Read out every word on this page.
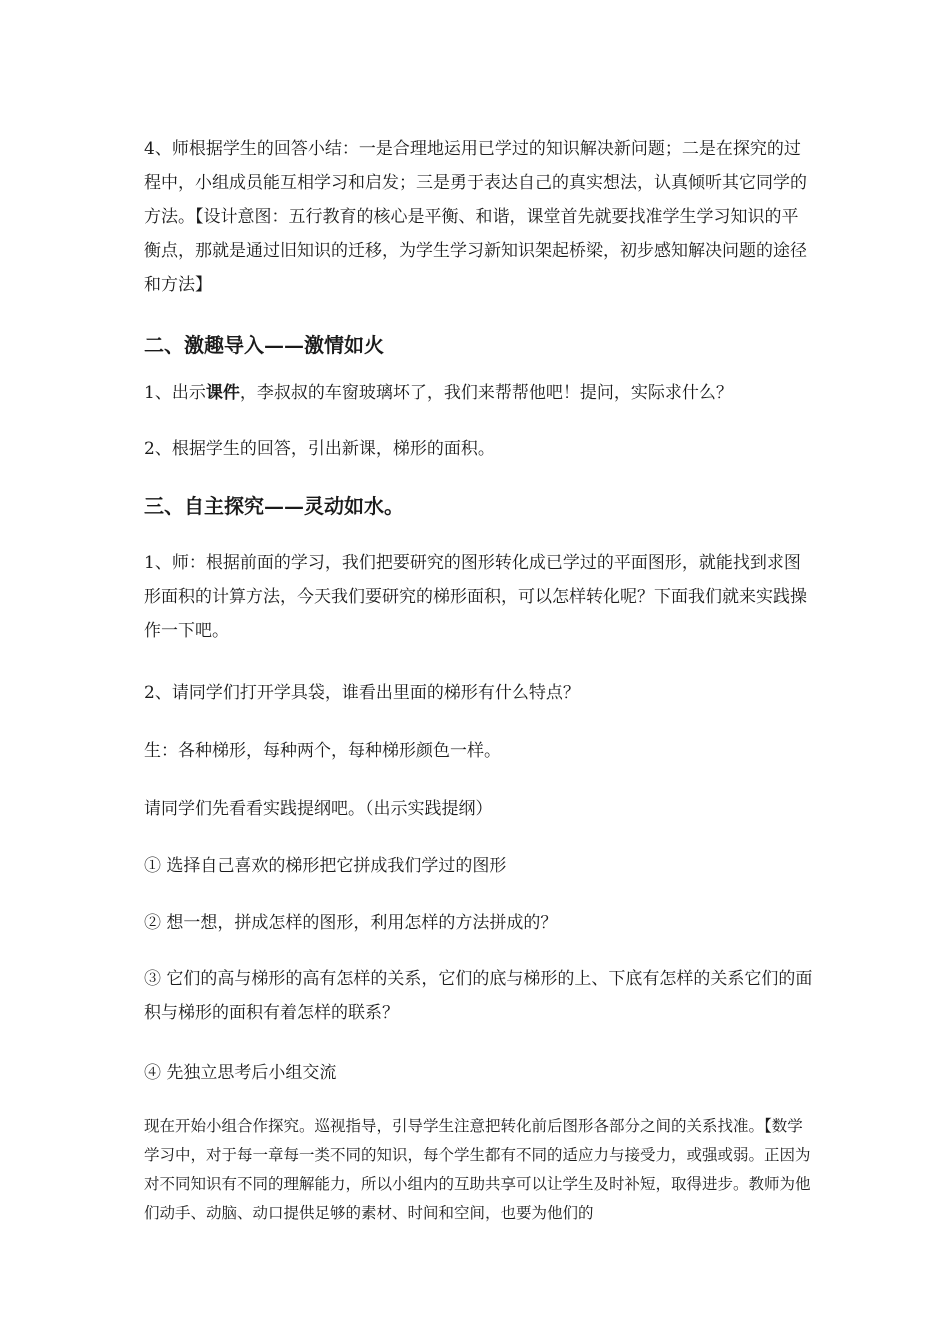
4、师根据学生的回答小结：一是合理地运用已学过的知识解决新问题；二是在探究的过程中，小组成员能互相学习和启发；三是勇于表达自己的真实想法，认真倾听其它同学的方法。【设计意图：五行教育的核心是平衡、和谐，课堂首先就要找准学生学习知识的平衡点，那就是通过旧知识的迁移，为学生学习新知识架起桥梁，初步感知解决问题的途径和方法】

二、激趣导入——激情如火

1、出示课件，李叔叔的车窗玻璃坏了，我们来帮帮他吧！提问，实际求什么？

2、根据学生的回答，引出新课，梯形的面积。

三、自主探究——灵动如水。

1、师：根据前面的学习，我们把要研究的图形转化成已学过的平面图形，就能找到求图形面积的计算方法，今天我们要研究的梯形面积，可以怎样转化呢？下面我们就来实践操作一下吧。

2、请同学们打开学具袋，谁看出里面的梯形有什么特点？

生：各种梯形，每种两个，每种梯形颜色一样。

请同学们先看看实践提纲吧。（出示实践提纲）

① 选择自己喜欢的梯形把它拼成我们学过的图形

② 想一想，拼成怎样的图形，利用怎样的方法拼成的？

③ 它们的高与梯形的高有怎样的关系，它们的底与梯形的上、下底有怎样的关系它们的面积与梯形的面积有着怎样的联系？

④ 先独立思考后小组交流

现在开始小组合作探究。巡视指导，引导学生注意把转化前后图形各部分之间的关系找准。【数学学习中，对于每一章每一类不同的知识，每个学生都有不同的适应力与接受力，或强或弱。正因为对不同知识有不同的理解能力，所以小组内的互助共享可以让学生及时补短，取得进步。教师为他们动手、动脑、动口提供足够的素材、时间和空间，也要为他们的
